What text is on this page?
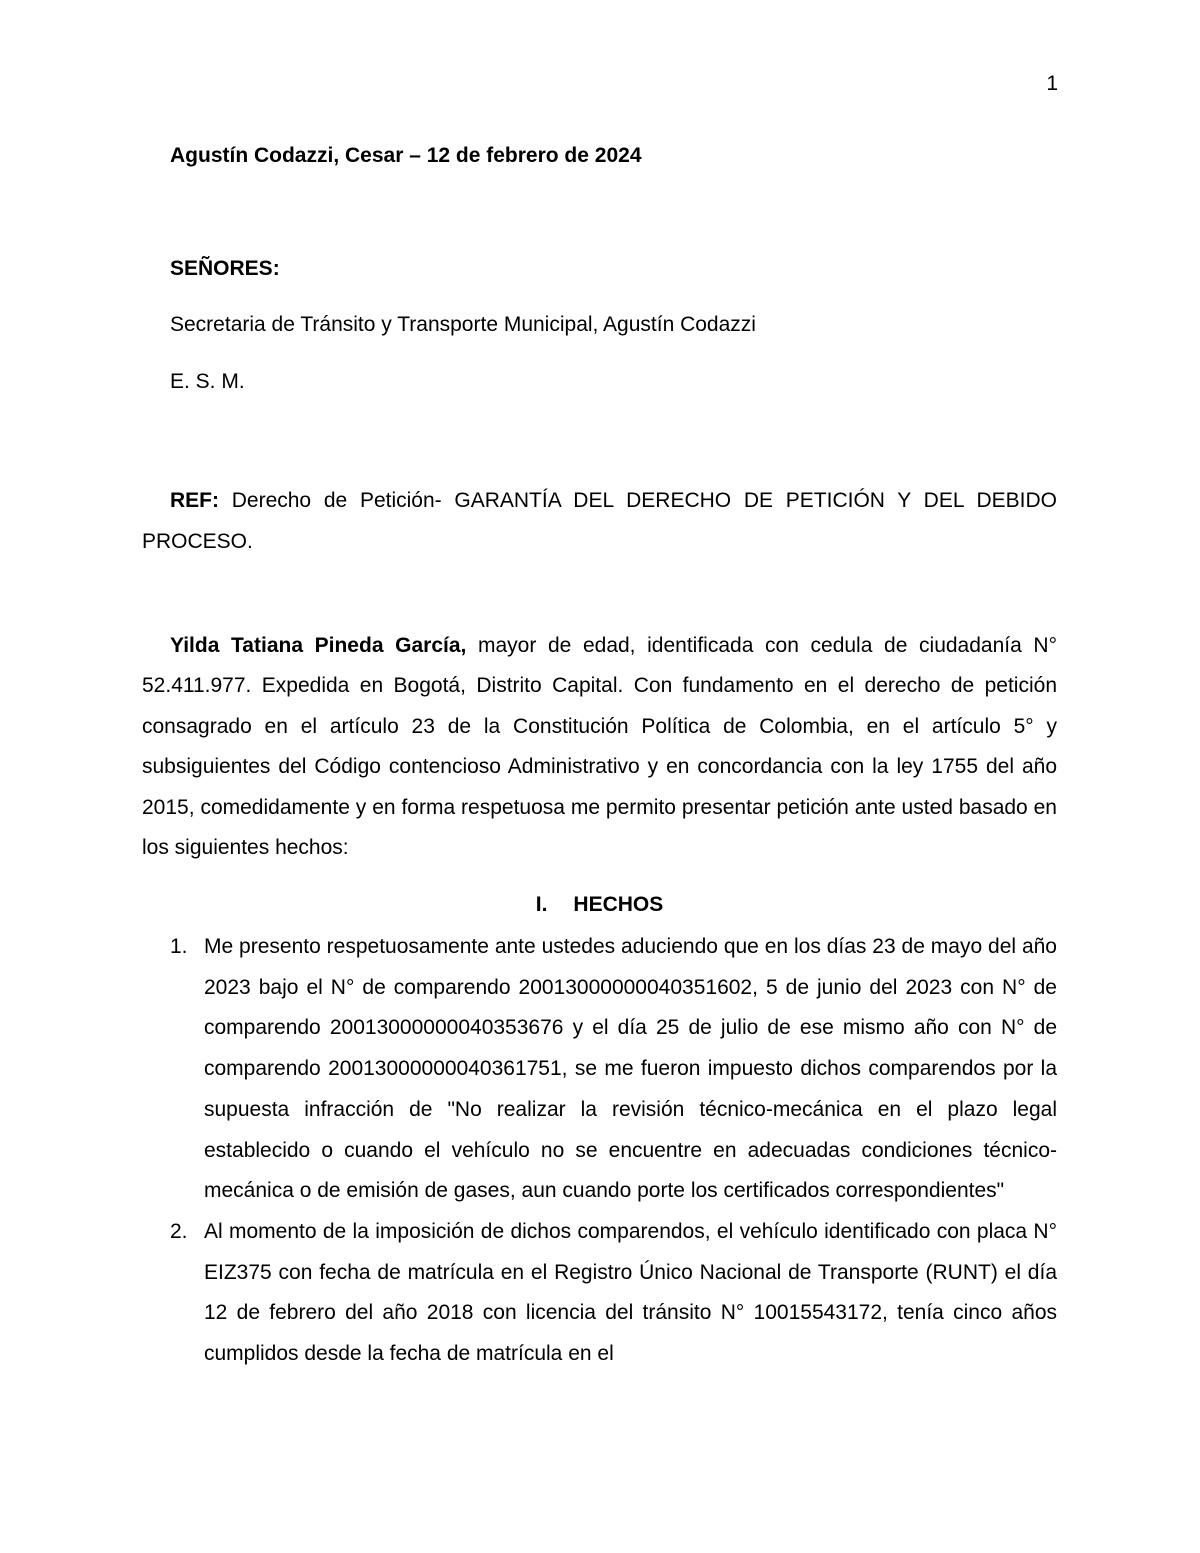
1
Agustín Codazzi, Cesar – 12 de febrero de 2024
SEÑORES:
Secretaria de Tránsito y Transporte Municipal, Agustín Codazzi
E. S. M.
REF: Derecho de Petición- GARANTÍA DEL DERECHO DE PETICIÓN Y DEL DEBIDO PROCESO.
Yilda Tatiana Pineda García, mayor de edad, identificada con cedula de ciudadanía N° 52.411.977. Expedida en Bogotá, Distrito Capital. Con fundamento en el derecho de petición consagrado en el artículo 23 de la Constitución Política de Colombia, en el artículo 5° y subsiguientes del Código contencioso Administrativo y en concordancia con la ley 1755 del año 2015, comedidamente y en forma respetuosa me permito presentar petición ante usted basado en los siguientes hechos:
I. HECHOS
1. Me presento respetuosamente ante ustedes aduciendo que en los días 23 de mayo del año 2023 bajo el N° de comparendo 20013000000040351602, 5 de junio del 2023 con N° de comparendo 20013000000040353676 y el día 25 de julio de ese mismo año con N° de comparendo 20013000000040361751, se me fueron impuesto dichos comparendos por la supuesta infracción de "No realizar la revisión técnico-mecánica en el plazo legal establecido o cuando el vehículo no se encuentre en adecuadas condiciones técnico-mecánica o de emisión de gases, aun cuando porte los certificados correspondientes"
2. Al momento de la imposición de dichos comparendos, el vehículo identificado con placa N° EIZ375 con fecha de matrícula en el Registro Único Nacional de Transporte (RUNT) el día 12 de febrero del año 2018 con licencia del tránsito N° 10015543172, tenía cinco años cumplidos desde la fecha de matrícula en el
